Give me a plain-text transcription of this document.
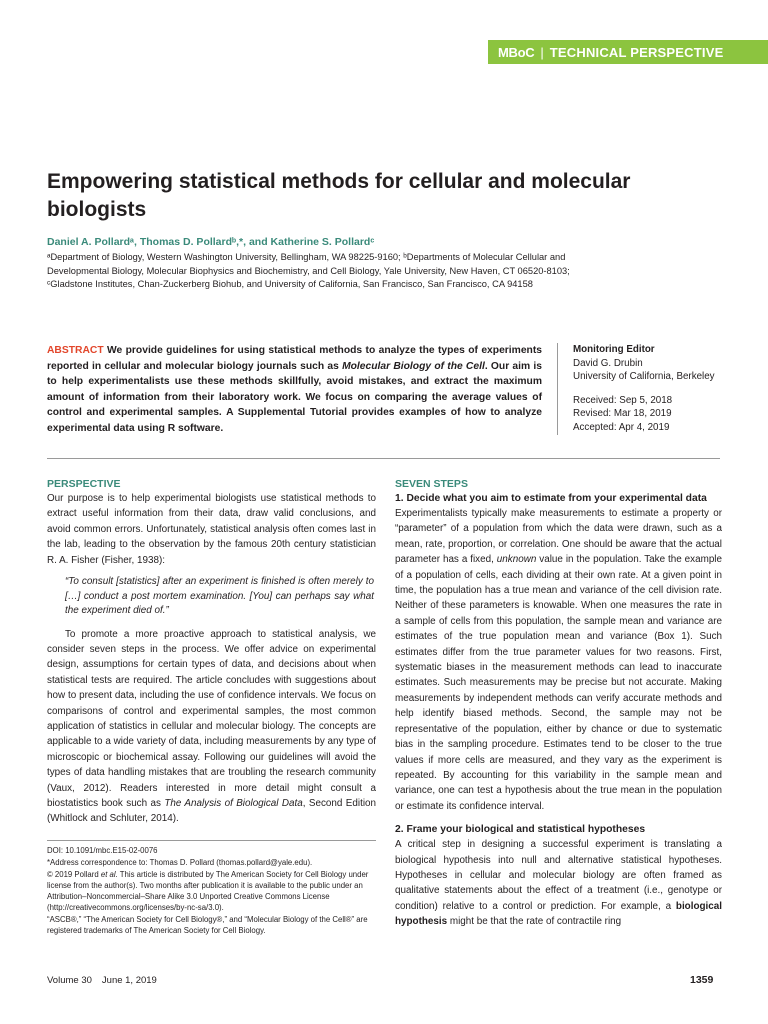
MBoC | TECHNICAL PERSPECTIVE
Empowering statistical methods for cellular and molecular biologists
Daniel A. Pollardᵃ, Thomas D. Pollardᵇ,*, and Katherine S. Pollardᶜ
ᵃDepartment of Biology, Western Washington University, Bellingham, WA 98225-9160; ᵇDepartments of Molecular Cellular and Developmental Biology, Molecular Biophysics and Biochemistry, and Cell Biology, Yale University, New Haven, CT 06520-8103; ᶜGladstone Institutes, Chan-Zuckerberg Biohub, and University of California, San Francisco, San Francisco, CA 94158
ABSTRACT We provide guidelines for using statistical methods to analyze the types of experiments reported in cellular and molecular biology journals such as Molecular Biology of the Cell. Our aim is to help experimentalists use these methods skillfully, avoid mistakes, and extract the maximum amount of information from their laboratory work. We focus on comparing the average values of control and experimental samples. A Supplemental Tutorial provides examples of how to analyze experimental data using R software.
Monitoring Editor
David G. Drubin
University of California, Berkeley
Received: Sep 5, 2018
Revised: Mar 18, 2019
Accepted: Apr 4, 2019

PERSPECTIVE

Our purpose is to help experimental biologists use statistical methods to extract useful information from their data, draw valid conclusions, and avoid common errors. Unfortunately, statistical analysis often comes last in the lab, leading to the observation by the famous 20th century statistician R. A. Fisher (Fisher, 1938):

“To consult [statistics] after an experiment is finished is often merely to […] conduct a post mortem examination. [You] can perhaps say what the experiment died of.”

To promote a more proactive approach to statistical analysis, we consider seven steps in the process. We offer advice on experimental design, assumptions for certain types of data, and decisions about when statistical tests are required. The article concludes with suggestions about how to present data, including the use of confidence intervals. We focus on comparisons of control and experimental samples, the most common application of statistics in cellular and molecular biology. The concepts are applicable to a wide variety of data, including measurements by any type of microscopic or biochemical assay. Following our guidelines will avoid the types of data handling mistakes that are troubling the research community (Vaux, 2012). Readers interested in more detail might consult a biostatistics book such as The Analysis of Biological Data, Second Edition (Whitlock and Schluter, 2014).

DOI: 10.1091/mbc.E15-02-0076

*Address correspondence to: Thomas D. Pollard (thomas.pollard@yale.edu).

© 2019 Pollard et al. This article is distributed by The American Society for Cell Biology under license from the author(s). Two months after publication it is available to the public under an Attribution–Noncommercial–Share Alike 3.0 Unported Creative Commons License (http://creativecommons.org/licenses/by-nc-sa/3.0).

“ASCB®,” “The American Society for Cell Biology®,” and “Molecular Biology of the Cell®” are registered trademarks of The American Society for Cell Biology.

SEVEN STEPS

1. Decide what you aim to estimate from your experimental data

Experimentalists typically make measurements to estimate a property or “parameter” of a population from which the data were drawn, such as a mean, rate, proportion, or correlation. One should be aware that the actual parameter has a fixed, unknown value in the population. Take the example of a population of cells, each dividing at their own rate. At a given point in time, the population has a true mean and variance of the cell division rate. Neither of these parameters is knowable. When one measures the rate in a sample of cells from this population, the sample mean and variance are estimates of the true population mean and variance (Box 1). Such estimates differ from the true parameter values for two reasons. First, systematic biases in the measurement methods can lead to inaccurate estimates. Such measurements may be precise but not accurate. Making measurements by independent methods can verify accurate methods and help identify biased methods. Second, the sample may not be representative of the population, either by chance or due to systematic bias in the sampling procedure. Estimates tend to be closer to the true values if more cells are measured, and they vary as the experiment is repeated. By accounting for this variability in the sample mean and variance, one can test a hypothesis about the true mean in the population or estimate its confidence interval.

2. Frame your biological and statistical hypotheses

A critical step in designing a successful experiment is translating a biological hypothesis into null and alternative statistical hypotheses. Hypotheses in cellular and molecular biology are often framed as qualitative statements about the effect of a treatment (i.e., genotype or condition) relative to a control or prediction. For example, a biological hypothesis might be that the rate of contractile ring

Volume 30 June 1, 2019	1359
